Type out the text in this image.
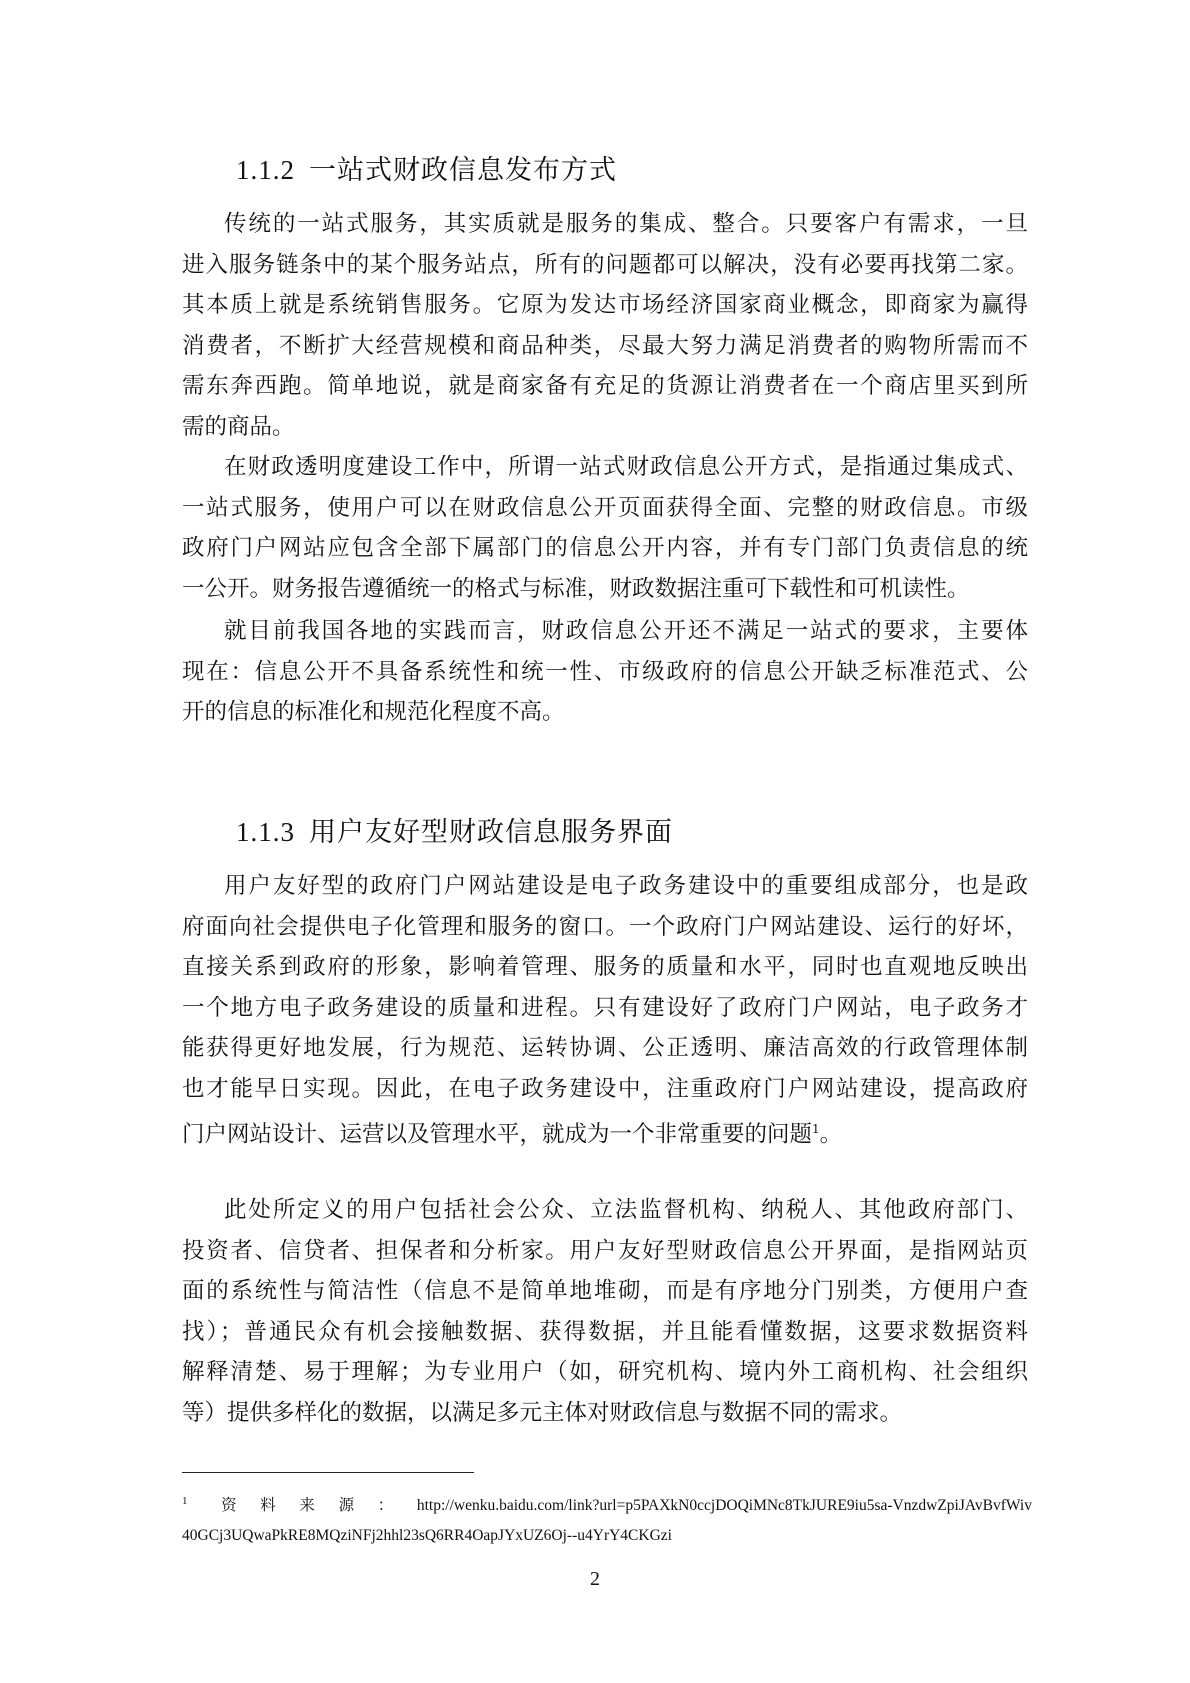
1.1.2 一站式财政信息发布方式

传统的一站式服务，其实质就是服务的集成、整合。只要客户有需求，一旦
进入服务链条中的某个服务站点，所有的问题都可以解决，没有必要再找第二家。
其本质上就是系统销售服务。它原为发达市场经济国家商业概念，即商家为赢得
消费者，不断扩大经营规模和商品种类，尽最大努力满足消费者的购物所需而不
需东奔西跑。简单地说，就是商家备有充足的货源让消费者在一个商店里买到所
需的商品。

在财政透明度建设工作中，所谓一站式财政信息公开方式，是指通过集成式、
一站式服务，使用户可以在财政信息公开页面获得全面、完整的财政信息。市级
政府门户网站应包含全部下属部门的信息公开内容，并有专门部门负责信息的统
一公开。财务报告遵循统一的格式与标准，财政数据注重可下载性和可机读性。

就目前我国各地的实践而言，财政信息公开还不满足一站式的要求，主要体
现在：信息公开不具备系统性和统一性、市级政府的信息公开缺乏标准范式、公
开的信息的标准化和规范化程度不高。

1.1.3 用户友好型财政信息服务界面

用户友好型的政府门户网站建设是电子政务建设中的重要组成部分，也是政
府面向社会提供电子化管理和服务的窗口。一个政府门户网站建设、运行的好坏，
直接关系到政府的形象，影响着管理、服务的质量和水平，同时也直观地反映出
一个地方电子政务建设的质量和进程。只有建设好了政府门户网站，电子政务才
能获得更好地发展，行为规范、运转协调、公正透明、廉洁高效的行政管理体制
也才能早日实现。因此，在电子政务建设中，注重政府门户网站建设，提高政府
门户网站设计、运营以及管理水平，就成为一个非常重要的问题$^1$。

此处所定义的用户包括社会公众、立法监督机构、纳税人、其他政府部门、
投资者、信贷者、担保者和分析家。用户友好型财政信息公开界面，是指网站页
面的系统性与简洁性（信息不是简单地堆砌，而是有序地分门别类，方便用户查
找）；普通民众有机会接触数据、获得数据，并且能看懂数据，这要求数据资料
解释清楚、易于理解；为专业用户（如，研究机构、境内外工商机构、社会组织
等）提供多样化的数据，以满足多元主体对财政信息与数据不同的需求。

$^1$ 资料来源：http://wenku.baidu.com/link?url=p5PAXkN0ccjDOQiMNc8TkJURE9iu5sa-VnzdwZpiJAvBvfWiv
40GCj3UQwaPkRE8MQziNFj2hhl23sQ6RR4OapJYxUZ6Oj--u4YrY4CKGzi

2
